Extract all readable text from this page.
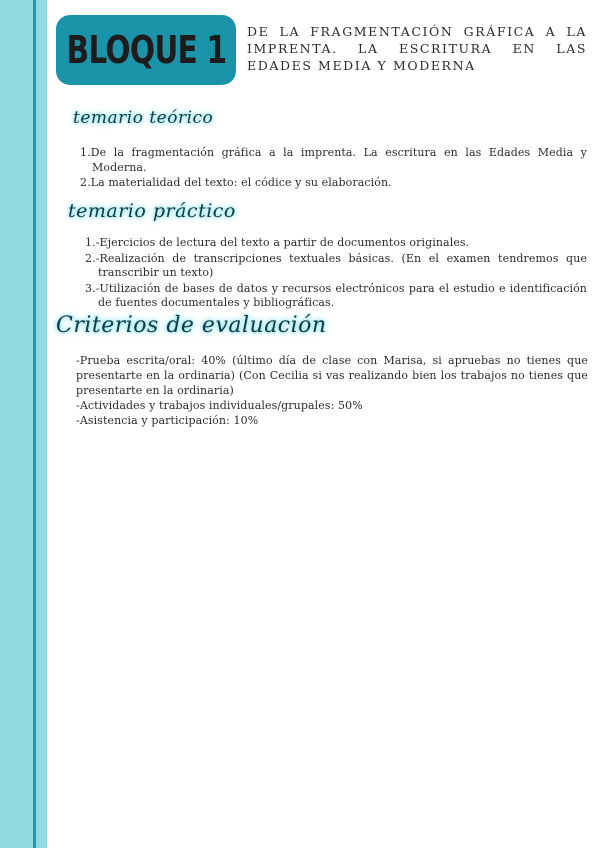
BLOQUE 1 DE LA FRAGMENTACIÓN GRÁFICA A LA IMPRENTA. LA ESCRITURA EN LAS EDADES MEDIA Y MODERNA
temario teórico
1.De la fragmentación gráfica a la imprenta. La escritura en las Edades Media y Moderna.
2.La materialidad del texto: el códice y su elaboración.
temario práctico
1.-Ejercicios de lectura del texto a partir de documentos originales.
2.-Realización de transcripciones textuales básicas. (En el examen tendremos que transcribir un texto)
3.-Utilización de bases de datos y recursos electrónicos para el estudio e identificación de fuentes documentales y bibliográficas.
Criterios de evaluación

-Prueba escrita/oral: 40% (último día de clase con Marisa, si apruebas no tienes que presentarte en la ordinaria) (Con Cecilia si vas realizando bien los trabajos no tienes que presentarte en la ordinaria)

-Actividades y trabajos individuales/grupales: 50%

-Asistencia y participación: 10%
